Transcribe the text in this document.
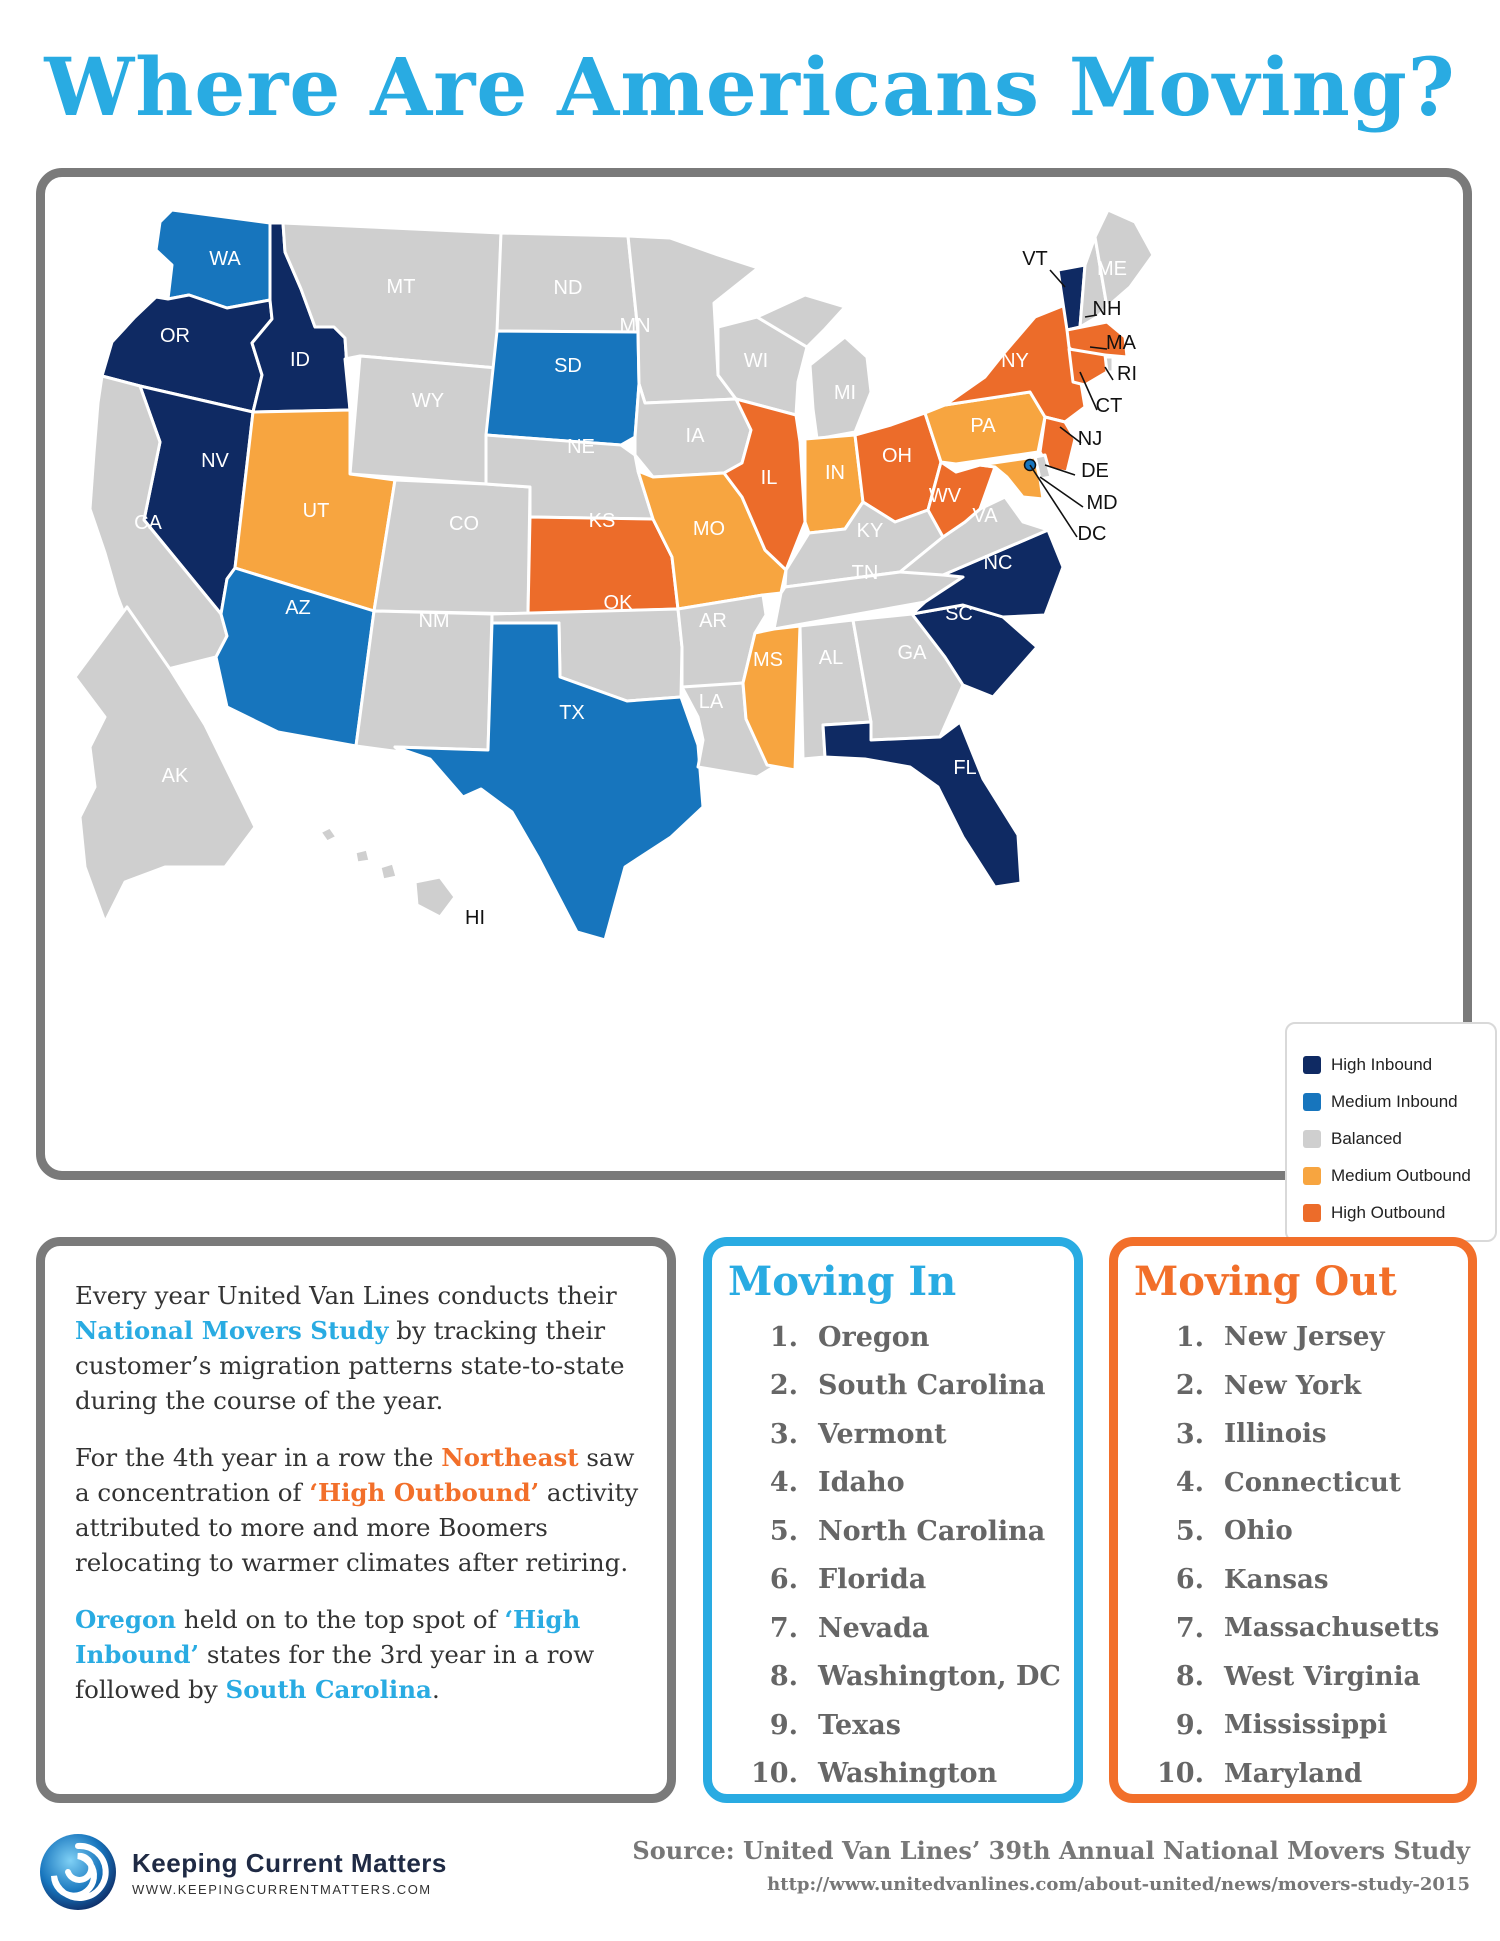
Where Are Americans Moving?
WA
OR
ID
NV
CA
MT
WY
UT
AZ
CO
NM
ND
SD
NE
KS
OK
TX
MN
IA
MO
AR
LA
WI
IL
MI
IN
OH
KY
TN
MS AL	GA
FL
SC
NC
VA
WV
PA
NY
VT
NH
ME
MA
RI
CT
NJ
DE
MD
DC
AK
HI
High Inbound
Medium Inbound
Balanced
Medium Outbound
High Outbound

Every year United Van Lines conducts their National Movers Study by tracking their customer’s migration patterns state-to-state during the course of the year.

For the 4th year in a row the Northeast saw a concentration of ‘High Outbound’ activity attributed to more and more Boomers relocating to warmer climates after retiring.

Oregon held on to the top spot of ‘High Inbound’ states for the 3rd year in a row followed by South Carolina.

Moving In
1. Oregon
2. South Carolina
3. Vermont
4. Idaho
5. North Carolina
6. Florida
7. Nevada
8. Washington, DC
9. Texas
10. Washington
Moving Out
1. New Jersey
2. New York
3. Illinois
4. Connecticut
5. Ohio
6. Kansas
7. Massachusetts
8. West Virginia
9. Mississippi
10. Maryland
Keeping Current Matters
WWW.KEEPINGCURRENTMATTERS.COM
Source: United Van Lines’ 39th Annual National Movers Study
http://www.unitedvanlines.com/about-united/news/movers-study-2015
